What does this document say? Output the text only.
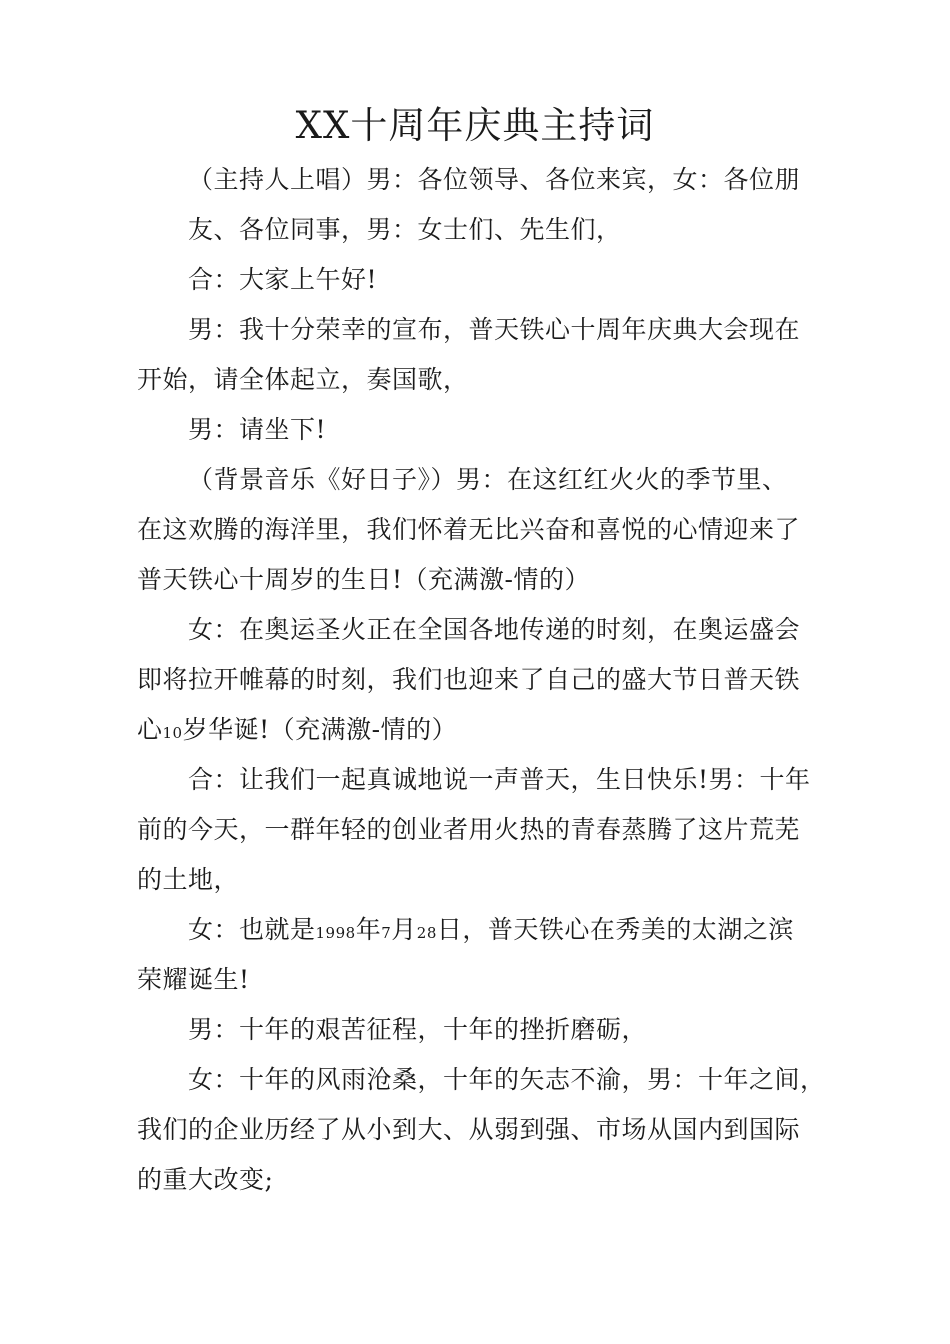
XX十周年庆典主持词
（主持人上唱）男：各位领导、各位来宾，女：各位朋
友、各位同事，男：女士们、先生们，
合：大家上午好!
男：我十分荣幸的宣布，普天铁心十周年庆典大会现在
开始，请全体起立，奏国歌，
男：请坐下!
（背景音乐《好日子》）男：在这红红火火的季节里、
在这欢腾的海洋里，我们怀着无比兴奋和喜悦的心情迎来了
普天铁心十周岁的生日!（充满激-情的）
女：在奥运圣火正在全国各地传递的时刻，在奥运盛会
即将拉开帷幕的时刻，我们也迎来了自己的盛大节日普天铁
心10岁华诞!（充满激-情的）
合：让我们一起真诚地说一声普天，生日快乐!男：十年
前的今天，一群年轻的创业者用火热的青春蒸腾了这片荒芜
的土地，
女：也就是1998年7月28日，普天铁心在秀美的太湖之滨
荣耀诞生!
男：十年的艰苦征程，十年的挫折磨砺，
女：十年的风雨沧桑，十年的矢志不渝，男：十年之间，
我们的企业历经了从小到大、从弱到强、市场从国内到国际
的重大改变;
